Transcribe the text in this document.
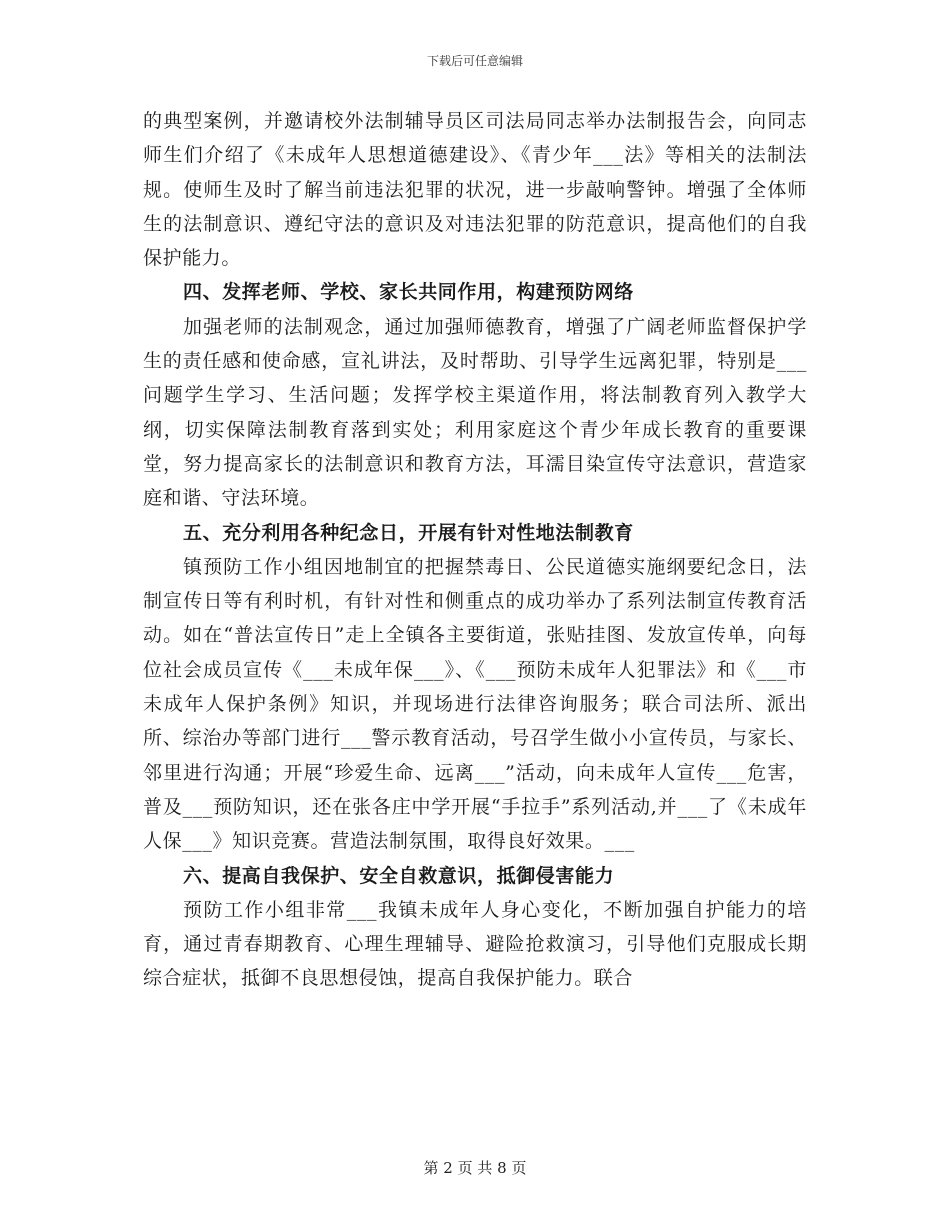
下载后可任意编辑

的典型案例，并邀请校外法制辅导员区司法局同志举办法制报告会，向同志师生们介绍了《未成年人思想道德建设》、《青少年___法》等相关的法制法规。使师生及时了解当前违法犯罪的状况，进一步敲响警钟。增强了全体师生的法制意识、遵纪守法的意识及对违法犯罪的防范意识，提高他们的自我保护能力。

四、发挥老师、学校、家长共同作用，构建预防网络

加强老师的法制观念，通过加强师德教育，增强了广阔老师监督保护学生的责任感和使命感，宣礼讲法，及时帮助、引导学生远离犯罪，特别是___问题学生学习、生活问题；发挥学校主渠道作用，将法制教育列入教学大纲，切实保障法制教育落到实处；利用家庭这个青少年成长教育的重要课堂，努力提高家长的法制意识和教育方法，耳濡目染宣传守法意识，营造家庭和谐、守法环境。

五、充分利用各种纪念日，开展有针对性地法制教育

镇预防工作小组因地制宜的把握禁毒日、公民道德实施纲要纪念日，法制宣传日等有利时机，有针对性和侧重点的成功举办了系列法制宣传教育活动。如在“普法宣传日”走上全镇各主要街道，张贴挂图、发放宣传单，向每位社会成员宣传《___未成年保___》、《___预防未成年人犯罪法》和《___市未成年人保护条例》知识，并现场进行法律咨询服务；联合司法所、派出所、综治办等部门进行___警示教育活动，号召学生做小小宣传员，与家长、邻里进行沟通；开展“珍爱生命、远离___”活动，向未成年人宣传___危害，普及___预防知识，还在张各庄中学开展“手拉手”系列活动,并___了《未成年人保___》知识竞赛。营造法制氛围，取得良好效果。___

六、提高自我保护、安全自救意识，抵御侵害能力

预防工作小组非常___我镇未成年人身心变化，不断加强自护能力的培育，通过青春期教育、心理生理辅导、避险抢救演习，引导他们克服成长期综合症状，抵御不良思想侵蚀，提高自我保护能力。联合

第 2 页 共 8 页
